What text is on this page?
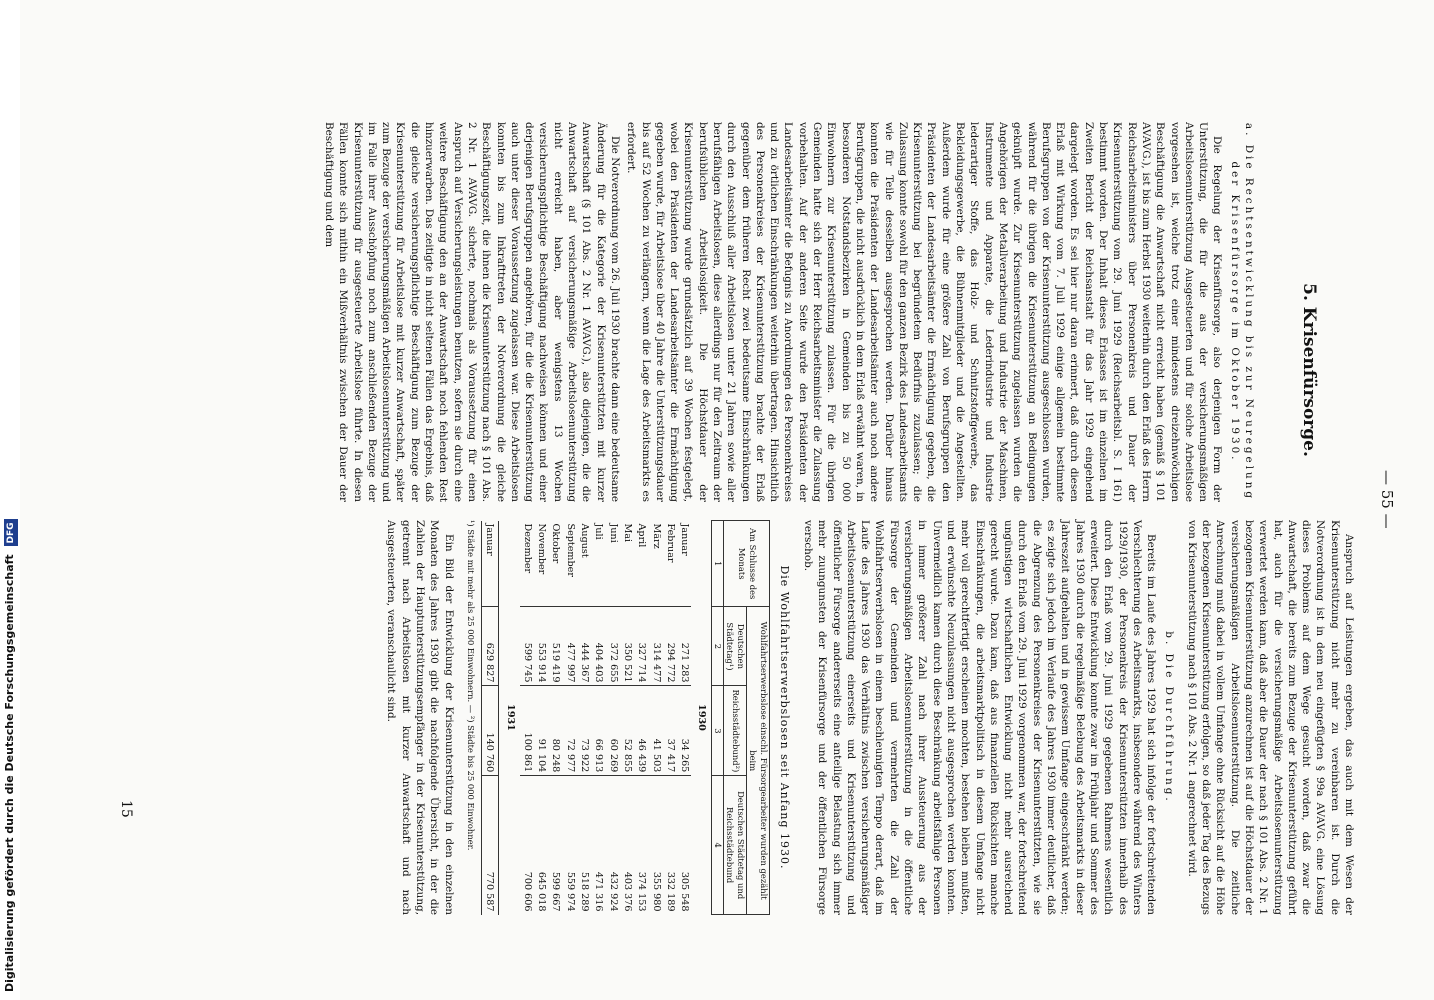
— 55 —
5. Krisenfürsorge.
a. Die Rechtsentwicklung bis zur Neuregelung der Krisenfürsorge im Oktober 1930.

Die Regelung der Krisenfürsorge, also derjenigen Form der Unterstützung, die für die aus der versicherungsmäßigen Arbeitslosenunterstützung Ausgesteuerten und für solche Arbeitslose vorgesehen ist, welche trotz einer mindestens dreizehnwöchigen Beschäftigung die Anwartschaft nicht erreicht haben (gemäß § 101 AVAVG.), ist bis zum Herbst 1930 weiterhin durch den Erlaß des Herrn Reichsarbeitsministers über Personenkreis und Dauer der Krisenunterstützung vom 29. Juni 1929 (Reichsarbeitsbl. S. I 161) bestimmt worden. Der Inhalt dieses Erlasses ist im einzelnen im Zweiten Bericht der Reichsanstalt für das Jahr 1929 eingehend dargelegt worden. Es sei hier nur daran erinnert, daß durch diesen Erlaß mit Wirkung vom 7. Juli 1929 einige allgemein bestimmte Berufsgruppen von der Krisenunterstützung ausgeschlossen wurden, während für die übrigen die Krisenunterstützung an Bedingungen geknüpft wurde. Zur Krisenunterstützung zugelassen wurden die Angehörigen der Metallverarbeitung und Industrie der Maschinen, Instrumente und Apparate, die Lederindustrie und Industrie lederartiger Stoffe, das Holz- und Schnitzstoffgewerbe, das Bekleidungsgewerbe, die Bühnenmitglieder und die Angestellten. Außerdem wurde für eine größere Zahl von Berufsgruppen den Präsidenten der Landesarbeitsämter die Ermächtigung gegeben, die Krisenunterstützung bei begründetem Bedürfnis zuzulassen; die Zulassung konnte sowohl für den ganzen Bezirk des Landesarbeitsamts wie für Teile desselben ausgesprochen werden. Darüber hinaus konnten die Präsidenten der Landesarbeitsämter auch noch andere Berufsgruppen, die nicht ausdrücklich in dem Erlaß erwähnt waren, in besonderen Notstandsbezirken in Gemeinden bis zu 50 000 Einwohnern zur Krisenunterstützung zulassen. Für die übrigen Gemeinden hatte sich der Herr Reichsarbeitsminister die Zulassung vorbehalten. Auf der anderen Seite wurde den Präsidenten der Landesarbeitsämter die Befugnis zu Anordnungen des Personenkreises und zu örtlichen Einschränkungen weiterhin übertragen. Hinsichtlich des Personenkreises der Krisenunterstützung brachte der Erlaß gegenüber dem früheren Recht zwei bedeutsame Einschränkungen durch den Ausschluß aller Arbeitslosen unter 21 Jahren sowie aller berufsfähigen Arbeitslosen, diese allerdings nur für den Zeitraum der berufsüblichen Arbeitslosigkeit. Die Höchstdauer der Krisenunterstützung wurde grundsätzlich auf 39 Wochen festgelegt, wobei den Präsidenten der Landesarbeitsämter die Ermächtigung gegeben wurde, für Arbeitslose über 40 Jahre die Unterstützungsdauer bis auf 52 Wochen zu verlängern, wenn die Lage des Arbeitsmarkts es erfordert.

Die Notverordnung vom 26. Juli 1930 brachte dann eine bedeutsame Änderung für die Kategorie der Krisenunterstützten mit kurzer Anwartschaft (§ 101 Abs. 2 Nr. 1 AVAVG.), also diejenigen, die die Anwartschaft auf versicherungsmäßige Arbeitslosenunterstützung nicht erreicht haben, aber wenigstens 13 Wochen versicherungspflichtige Beschäftigung nachweisen können und einer derjenigen Berufsgruppen angehören, für die die Krisenunterstützung auch unter dieser Voraussetzung zugelassen war. Diese Arbeitslosen konnten bis zum Inkrafttreten der Notverordnung die gleiche Beschäftigungszeit, die ihnen die Krisenunterstützung nach § 101 Abs. 2 Nr. 1 AVAVG. sicherte, nochmals als Voraussetzung für einen Anspruch auf Versicherungsleistungen benutzen, sofern sie durch eine weitere Beschäftigung den an der Anwartschaft noch fehlenden Rest hinzuerwarben. Das zeitigte in nicht seltenen Fällen das Ergebnis, daß die gleiche versicherungspflichtige Beschäftigung zum Bezuge der Krisenunterstützung für Arbeitslose mit kurzer Anwartschaft, später zum Bezuge der versicherungsmäßigen Arbeitslosenunterstützung und im Falle ihrer Ausschöpfung noch zum anschließenden Bezuge der Krisenunterstützung für ausgesteuerte Arbeitslose führte. In diesen Fällen konnte sich mithin ein Mißverhältnis zwischen der Dauer der Beschäftigung und dem

Anspruch auf Leistungen ergeben, das auch mit dem Wesen der Krisenunterstützung nicht mehr zu vereinbaren ist. Durch die Notverordnung ist in dem neu eingefügten § 99a AVAVG. eine Lösung dieses Problems auf dem Wege gesucht worden, daß zwar die Anwartschaft, die bereits zum Bezuge der Krisenunterstützung geführt hat, auch für die versicherungsmäßige Arbeitslosenunterstützung verwertet werden kann, daß aber die Dauer der nach § 101 Abs. 2 Nr. 1 bezogenen Krisenunterstützung anzurechnen ist auf die Höchstdauer der versicherungsmäßigen Arbeitslosenunterstützung. Die zeitliche Anrechnung muß dabei in vollem Umfange ohne Rücksicht auf die Höhe der bezogenen Krisenunterstützung erfolgen, so daß jeder Tag des Bezugs von Krisenunterstützung nach § 101 Abs. 2 Nr. 1 angerechnet wird.

b. Die Durchführung.

Bereits im Laufe des Jahres 1929 hat sich infolge der fortschreitenden Verschlechterung des Arbeitsmarkts, insbesondere während des Winters 1929/1930, der Personenkreis der Krisenunterstützten innerhalb des durch den Erlaß vom 29. Juni 1929 gegebenen Rahmens wesentlich erweitert. Diese Entwicklung konnte zwar im Frühjahr und Sommer des Jahres 1930 durch die regelmäßige Belebung des Arbeitsmarkts in dieser Jahreszeit aufgehalten und in gewissem Umfange eingeschränkt werden; es zeigte sich jedoch im Verlaufe des Jahres 1930 immer deutlicher, daß die Abgrenzung des Personenkreises der Krisenunterstützten, wie sie durch den Erlaß vom 29. Juni 1929 vorgenommen war, der fortschreitend ungünstigen wirtschaftlichen Entwicklung nicht mehr ausreichend gerecht wurde. Dazu kam, daß aus finanziellen Rücksichten manche Einschränkungen, die arbeitsmarktpolitisch in diesem Umfange nicht mehr voll gerechtfertigt erscheinen mochten, bestehen bleiben mußten, und erwünschte Neuzulassungen nicht ausgesprochen werden konnten. Unvermeidlich kamen durch diese Beschränkung arbeitsfähige Personen in immer größerer Zahl nach ihrer Aussteuerung aus der versicherungsmäßigen Arbeitslosenunterstützung in die öffentliche Fürsorge der Gemeinden und vermehrten die Zahl der Wohlfahrtserwerbslosen in einem beschleunigten Tempo derart, daß im Laufe des Jahres 1930 das Verhältnis zwischen versicherungsmäßiger Arbeitslosenunterstützung einerseits und Krisenunterstützung und öffentlicher Fürsorge andererseits eine anteilige Belastung sich immer mehr zuungunsten der Krisenfürsorge und der öffentlichen Fürsorge verschob.

Die Wohlfahrtserwerbslosen seit Anfang 1930.
Am Schlusse des Monats	Wohlfahrtserwerbslose einschl. Fürsorgearbeiter wurden gezählt beim		
	Deutschen Städtetag¹)	Reichsstädtebund²)	Deutschen Städtetag und Reichsstädtebund
1	2	3	4
1930			
Januar	271 283	34 265	305 548
Februar	294 772	37 417	332 189
März	314 477	41 503	355 980
April	327 714	46 439	374 153
Mai	350 521	52 855	403 376
Juni	372 655	60 269	432 924
Juli	404 403	66 913	471 316
August	444 367	73 922	518 289
September	477 997	72 977	559 974
Oktober	519 419	80 248	599 667
November	553 914	91 104	645 018
Dezember	599 745	100 861	700 606
1931			
Januar	629 827	140 760	770 587
¹) Städte mit mehr als 25 000 Einwohnern. — ²) Städte bis 25 000 Einwohner.

Ein Bild der Entwicklung der Krisenunterstützung in den einzelnen Monaten des Jahres 1930 gibt die nachfolgende Übersicht, in der die Zahlen der Hauptunterstützungsempfänger in der Krisenunterstützung, getrennt nach Arbeitslosen mit kurzer Anwartschaft und nach Ausgesteuerten, veranschaulicht sind.

15
Digitalisierung gefördert durch die Deutsche Forschungsgemeinschaft DFG
